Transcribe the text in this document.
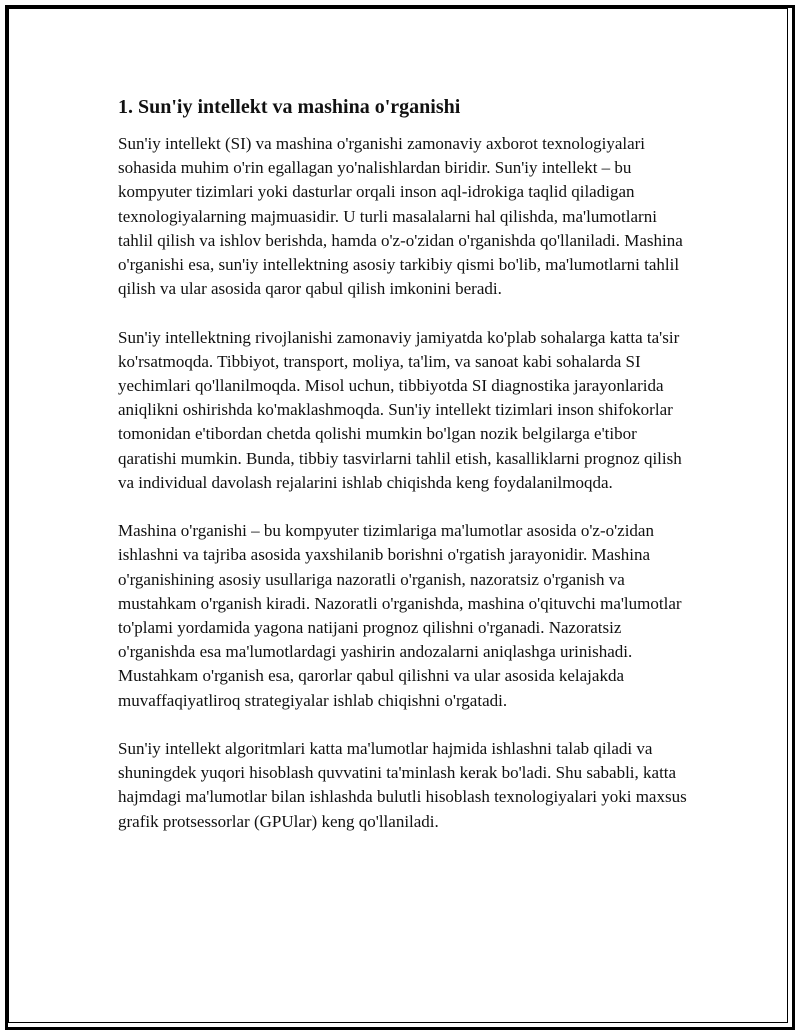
1. Sun'iy intellekt va mashina o'rganishi

Sun'iy intellekt (SI) va mashina o'rganishi zamonaviy axborot texnologiyalari sohasida muhim o'rin egallagan yo'nalishlardan biridir. Sun'iy intellekt – bu kompyuter tizimlari yoki dasturlar orqali inson aql-idrokiga taqlid qiladigan texnologiyalarning majmuasidir. U turli masalalarni hal qilishda, ma'lumotlarni tahlil qilish va ishlov berishda, hamda o'z-o'zidan o'rganishda qo'llaniladi. Mashina o'rganishi esa, sun'iy intellektning asosiy tarkibiy qismi bo'lib, ma'lumotlarni tahlil qilish va ular asosida qaror qabul qilish imkonini beradi.

Sun'iy intellektning rivojlanishi zamonaviy jamiyatda ko'plab sohalarga katta ta'sir ko'rsatmoqda. Tibbiyot, transport, moliya, ta'lim, va sanoat kabi sohalarda SI yechimlari qo'llanilmoqda. Misol uchun, tibbiyotda SI diagnostika jarayonlarida aniqlikni oshirishda ko'maklashmoqda. Sun'iy intellekt tizimlari inson shifokorlar tomonidan e'tibordan chetda qolishi mumkin bo'lgan nozik belgilarga e'tibor qaratishi mumkin. Bunda, tibbiy tasvirlarni tahlil etish, kasalliklarni prognoz qilish va individual davolash rejalarini ishlab chiqishda keng foydalanilmoqda.

Mashina o'rganishi – bu kompyuter tizimlariga ma'lumotlar asosida o'z-o'zidan ishlashni va tajriba asosida yaxshilanib borishni o'rgatish jarayonidir. Mashina o'rganishining asosiy usullariga nazoratli o'rganish, nazoratsiz o'rganish va mustahkam o'rganish kiradi. Nazoratli o'rganishda, mashina o'qituvchi ma'lumotlar to'plami yordamida yagona natijani prognoz qilishni o'rganadi. Nazoratsiz o'rganishda esa ma'lumotlardagi yashirin andozalarni aniqlashga urinishadi. Mustahkam o'rganish esa, qarorlar qabul qilishni va ular asosida kelajakda muvaffaqiyatliroq strategiyalar ishlab chiqishni o'rgatadi.

Sun'iy intellekt algoritmlari katta ma'lumotlar hajmida ishlashni talab qiladi va shuningdek yuqori hisoblash quvvatini ta'minlash kerak bo'ladi. Shu sababli, katta hajmdagi ma'lumotlar bilan ishlashda bulutli hisoblash texnologiyalari yoki maxsus grafik protsessorlar (GPUlar) keng qo'llaniladi.
